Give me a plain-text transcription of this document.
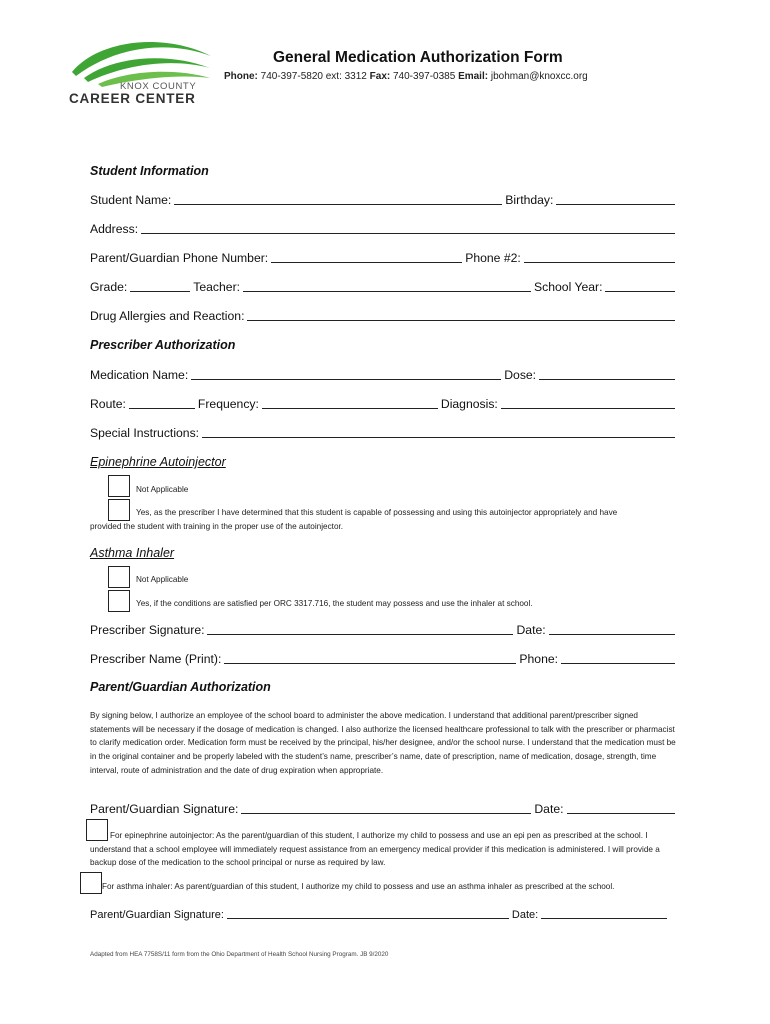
KNOX COUNTY
CAREER CENTER
General Medication Authorization Form
Phone: 740-397-5820 ext: 3312 Fax: 740-397-0385 Email: jbohman@knoxcc.org
Student Information
Student Name:	Birthday:
Address:
Parent/Guardian Phone Number:	Phone #2:
Grade:	Teacher:	School Year:
Drug Allergies and Reaction:
Prescriber Authorization
Medication Name:	Dose:
Route:	Frequency:	Diagnosis:
Special Instructions:
Epinephrine Autoinjector
Not Applicable
Yes, as the prescriber I have determined that this student is capable of possessing and using this autoinjector appropriately and have
provided the student with training in the proper use of the autoinjector.
Asthma Inhaler
Not Applicable
Yes, if the conditions are satisfied per ORC 3317.716, the student may possess and use the inhaler at school.
Prescriber Signature:	Date:
Prescriber Name (Print):	Phone:
Parent/Guardian Authorization
By signing below, I authorize an employee of the school board to administer the above medication. I understand that additional parent/prescriber signed statements will be necessary if the dosage of medication is changed. I also authorize the licensed healthcare professional to talk with the prescriber or pharmacist to clarify medication order. Medication form must be received by the principal, his/her designee, and/or the school nurse. I understand that the medication must be in the original container and be properly labeled with the student’s name, prescriber’s name, date of prescription, name of medication, dosage, strength, time interval, route of administration and the date of drug expiration when appropriate.
Parent/Guardian Signature:	Date:
For epinephrine autoinjector: As the parent/guardian of this student, I authorize my child to possess and use an epi pen as prescribed at the school. I understand that a school employee will immediately request assistance from an emergency medical provider if this medication is administered. I will provide a backup dose of the medication to the school principal or nurse as required by law.
For asthma inhaler: As parent/guardian of this student, I authorize my child to possess and use an asthma inhaler as prescribed at the school.
Parent/Guardian Signature:	Date:
Adapted from HEA 7758S/11 form from the Ohio Department of Health School Nursing Program. JB 9/2020
